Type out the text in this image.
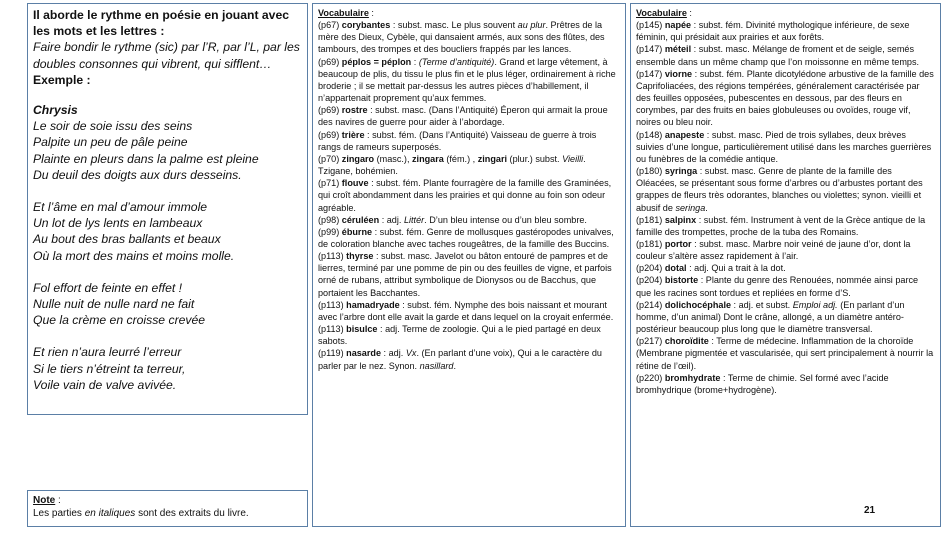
Il aborde le rythme en poésie en jouant avec les mots et les lettres :
Faire bondir le rythme (sic) par l’R, par l’L, par les doubles consonnes qui vibrent, qui sifflent…
Exemple :
Chrysis
Le soir de soie issu des seins
Palpite un peu de pâle peine
Plainte en pleurs dans la palme est pleine
Du deuil des doigts aux durs desseins.
Et l’âme en mal d’amour immole
Un lot de lys lents en lambeaux
Au bout des bras ballants et beaux
Où la mort des mains et moins molle.
Fol effort de feinte en effet !
Nulle nuit de nulle nard ne fait
Que la crème en croisse crevée
Et rien n’aura leurré l’erreur
Si le tiers n’étreint ta terreur,
Voile vain de valve avivée.
Note :
Les parties en italiques sont des extraits du livre.
Vocabulaire :
(p67) corybantes : subst. masc. Le plus souvent au plur. Prêtres de la mère des Dieux, Cybèle, qui dansaient armés, aux sons des flûtes, des tambours, des trompes et des boucliers frappés par les lances.
(p69) péplos = péplon : (Terme d’antiquité). Grand et large vêtement, à beaucoup de plis, du tissu le plus fin et le plus léger, ordinairement à riche broderie ; il se mettait par-dessus les autres pièces d’habillement, il n’appartenait proprement qu’aux femmes.
(p69) rostre : subst. masc. (Dans l’Antiquité) Éperon qui armait la proue des navires de guerre pour aider à l’abordage.
(p69) trière : subst. fém. (Dans l’Antiquité) Vaisseau de guerre à trois rangs de rameurs superposés.
(p70) zingaro (masc.), zingara (fém.) , zingari (plur.) subst. Vieilli. Tzigane, bohémien.
(p71) flouve : subst. fém. Plante fourragère de la famille des Graminées, qui croît abondamment dans les prairies et qui donne au foin son odeur agréable.
(p98) céruléen : adj. Littér. D’un bleu intense ou d’un bleu sombre.
(p99) éburne : subst. fém. Genre de mollusques gastéropodes univalves, de coloration blanche avec taches rougeâtres, de la famille des Buccins.
(p113) thyrse : subst. masc. Javelot ou bâton entouré de pampres et de lierres, terminé par une pomme de pin ou des feuilles de vigne, et parfois orné de rubans, attribut symbolique de Dionysos ou de Bacchus, que portaient les Bacchantes.
(p113) hamadryade : subst. fém. Nymphe des bois naissant et mourant avec l’arbre dont elle avait la garde et dans lequel on la croyait enfermée.
(p113) bisulce : adj. Terme de zoologie. Qui a le pied partagé en deux sabots.
(p119) nasarde : adj. Vx. (En parlant d’une voix), Qui a le caractère du parler par le nez. Synon. nasillard.
Vocabulaire :
(p145) napée : subst. fém. Divinité mythologique inférieure, de sexe féminin, qui présidait aux prairies et aux forêts.
(p147) méteil : subst. masc. Mélange de froment et de seigle, semés ensemble dans un même champ que l’on moissonne en même temps.
(p147) viorne : subst. fém. Plante dicotylédone arbustive de la famille des Caprifoliacées, des régions tempérées, généralement caractérisée par des feuilles opposées, pubescentes en dessous, par des fleurs en corymbes, par des fruits en baies globuleuses ou ovoïdes, rouge vif, noires ou bleu noir.
(p148) anapeste : subst. masc. Pied de trois syllabes, deux brèves suivies d’une longue, particulièrement utilisé dans les marches guerrières ou funèbres de la comédie antique.
(p180) syringa : subst. masc. Genre de plante de la famille des Oléacées, se présentant sous forme d’arbres ou d’arbustes portant des grappes de fleurs très odorantes, blanches ou violettes; synon. vieilli et abusif de seringa.
(p181) salpinx : subst. fém. Instrument à vent de la Grèce antique de la famille des trompettes, proche de la tuba des Romains.
(p181) portor : subst. masc. Marbre noir veiné de jaune d’or, dont la couleur s’altère assez rapidement à l’air.
(p204) dotal : adj. Qui a trait à la dot.
(p204) bistorte : Plante du genre des Renouées, nommée ainsi parce que les racines sont tordues et repliées en forme d’S.
(p214) dolichocéphale : adj. et subst. Emploi adj. (En parlant d’un homme, d’un animal) Dont le crâne, allongé, a un diamètre antéro-postérieur beaucoup plus long que le diamètre transversal.
(p217) choroïdite : Terme de médecine. Inflammation de la choroïde (Membrane pigmentée et vascularisée, qui sert principalement à nourrir la rétine de l’œil).
(p220) bromhydrate : Terme de chimie. Sel formé avec l’acide bromhydrique (brome+hydrogène).
21
